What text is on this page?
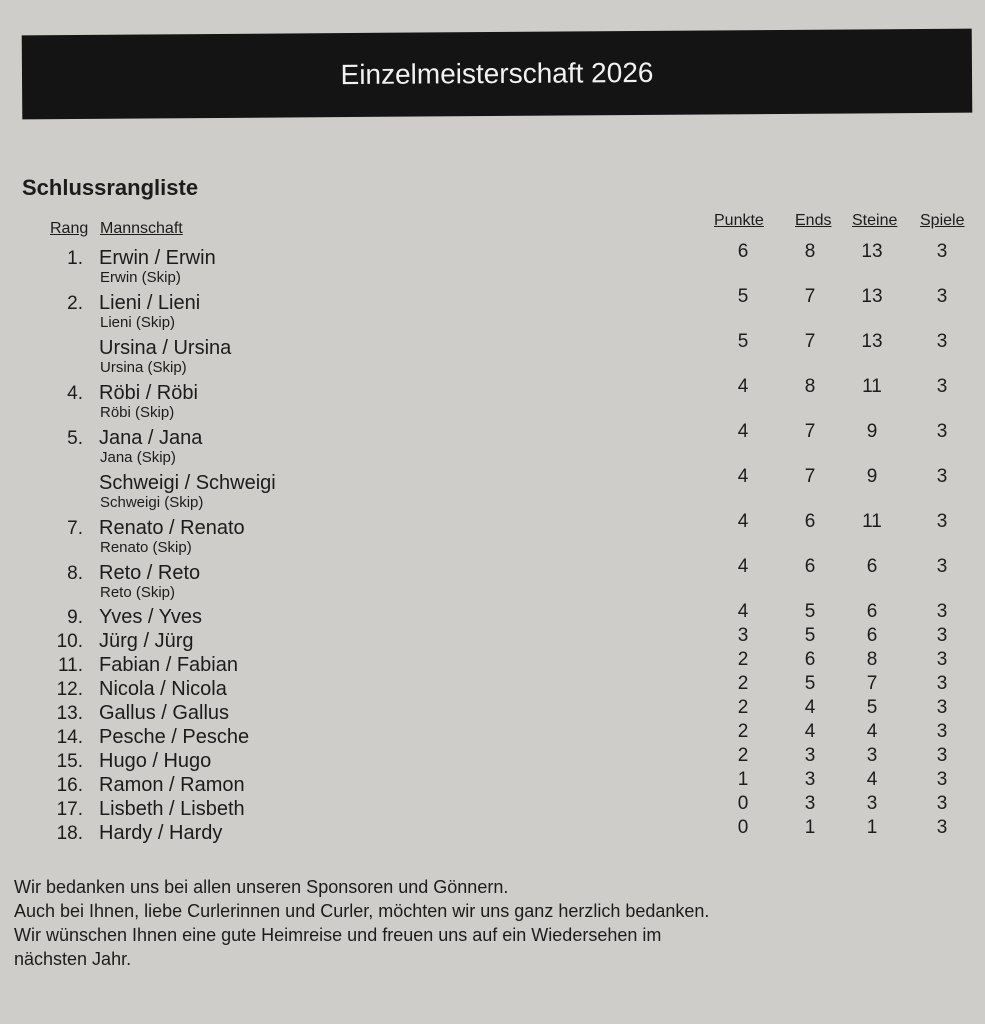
Einzelmeisterschaft 2026
Schlussrangliste
Rang Mannschaft	Punkte Ends Steine Spiele
1. Erwin / Erwin
Erwin (Skip)
6	8	13	3
2. Lieni / Lieni
Lieni (Skip)
5	7	13	3
Ursina / Ursina
Ursina (Skip)
5	7	13	3
4. Röbi / Röbi
Röbi (Skip)
4	8	11	3
5. Jana / Jana
Jana (Skip)
4	7	9	3
Schweigi / Schweigi
Schweigi (Skip)
4	7	9	3
7. Renato / Renato
Renato (Skip)
4	6	11	3
8. Reto / Reto
Reto (Skip)
4	6	6	3
9. Yves / Yves	4	5	6	3
10. Jürg / Jürg	3	5	6	3
11. Fabian / Fabian	2	6	8	3
12. Nicola / Nicola	2	5	7	3
13. Gallus / Gallus	2	4	5	3
14. Pesche / Pesche	2	4	4	3
15. Hugo / Hugo	2	3	3	3
16. Ramon / Ramon	1	3	4	3
17. Lisbeth / Lisbeth	0	3	3	3
18. Hardy / Hardy	0	1	1	3
Wir bedanken uns bei allen unseren Sponsoren und Gönnern.
Auch bei Ihnen, liebe Curlerinnen und Curler, möchten wir uns ganz herzlich bedanken.
Wir wünschen Ihnen eine gute Heimreise und freuen uns auf ein Wiedersehen im
nächsten Jahr.
